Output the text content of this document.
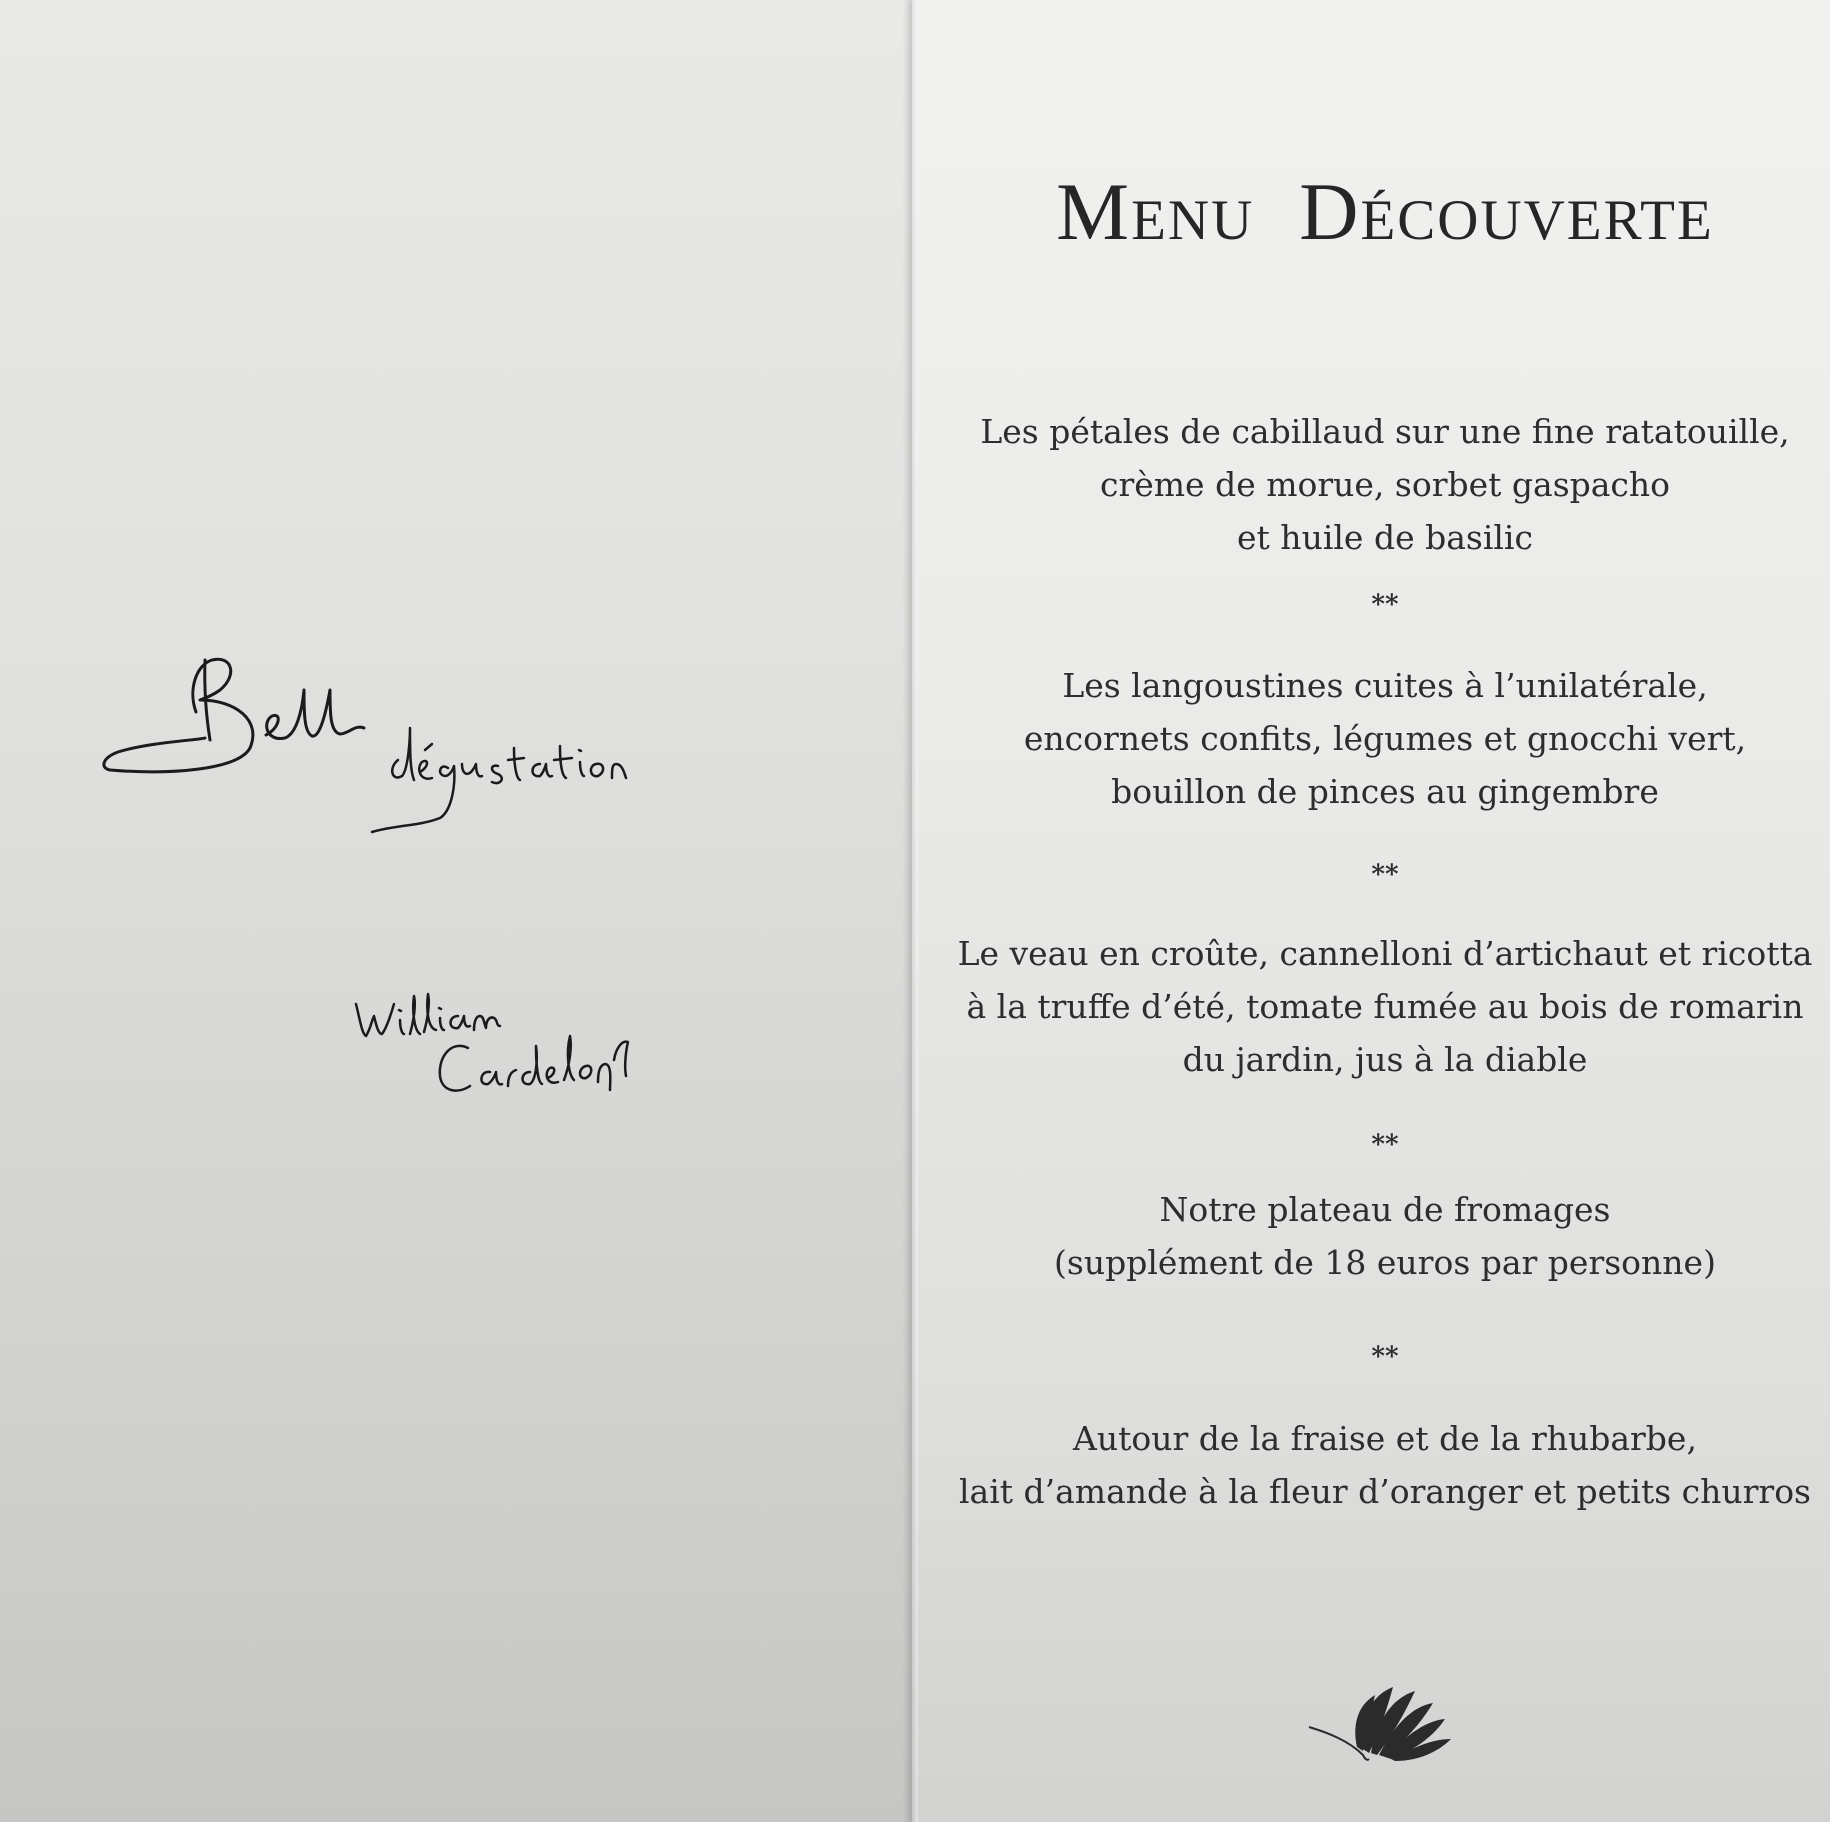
Menu  Découverte
Les pétales de cabillaud sur une fine ratatouille,
crème de morue, sorbet gaspacho
et huile de basilic
**
Les langoustines cuites à l’unilatérale,
encornets confits, légumes et gnocchi vert,
bouillon de pinces au gingembre
**
Le veau en croûte, cannelloni d’artichaut et ricotta
à la truffe d’été, tomate fumée au bois de romarin
du jardin, jus à la diable
**
Notre plateau de fromages
(supplément de 18 euros par personne)
**
Autour de la fraise et de la rhubarbe,
lait d’amande à la fleur d’oranger et petits churros
